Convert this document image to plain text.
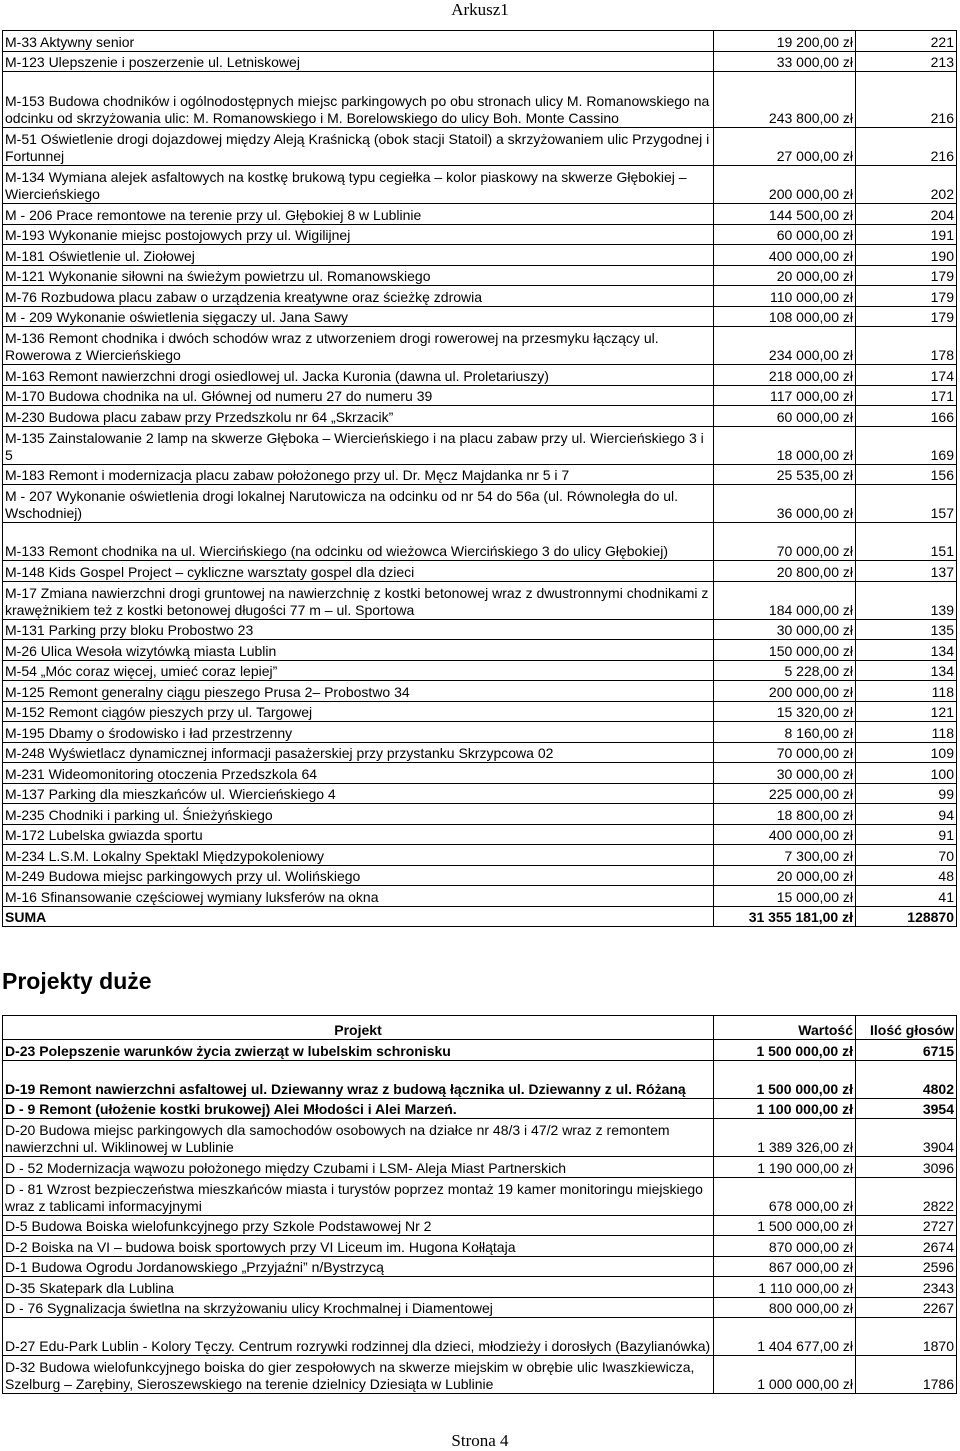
Arkusz1
M-33 Aktywny senior	19 200,00 zł	221
M-123 Ulepszenie i poszerzenie ul. Letniskowej	33 000,00 zł	213
M-153 Budowa chodników i ogólnodostępnych miejsc parkingowych po obu stronach ulicy M. Romanowskiego na odcinku od skrzyżowania ulic: M. Romanowskiego i M. Borelowskiego do ulicy Boh. Monte Cassino	243 800,00 zł	216
M-51 Oświetlenie drogi dojazdowej między Aleją Kraśnicką (obok stacji Statoil) a skrzyżowaniem ulic Przygodnej i Fortunnej	27 000,00 zł	216
M-134 Wymiana alejek asfaltowych na kostkę brukową typu cegiełka – kolor piaskowy na skwerze Głębokiej – Wiercieńskiego	200 000,00 zł	202
M - 206 Prace remontowe na terenie przy ul. Głębokiej 8 w Lublinie	144 500,00 zł	204
M-193 Wykonanie miejsc postojowych przy ul. Wigilijnej	60 000,00 zł	191
M-181 Oświetlenie ul. Ziołowej	400 000,00 zł	190
M-121 Wykonanie siłowni na świeżym powietrzu ul. Romanowskiego	20 000,00 zł	179
M-76 Rozbudowa placu zabaw o urządzenia kreatywne oraz ścieżkę zdrowia	110 000,00 zł	179
M - 209 Wykonanie oświetlenia sięgaczy ul. Jana Sawy	108 000,00 zł	179
M-136 Remont chodnika i dwóch schodów wraz z utworzeniem drogi rowerowej na przesmyku łączący ul. Rowerowa z Wiercieńskiego	234 000,00 zł	178
M-163 Remont nawierzchni drogi osiedlowej ul. Jacka Kuronia (dawna ul. Proletariuszy)	218 000,00 zł	174
M-170 Budowa chodnika na ul. Głównej od numeru 27 do numeru 39	117 000,00 zł	171
M-230 Budowa placu zabaw przy Przedszkolu nr 64 „Skrzacik”	60 000,00 zł	166
M-135 Zainstalowanie 2 lamp na skwerze Głęboka – Wiercieńskiego i na placu zabaw przy ul. Wiercieńskiego 3 i 5	18 000,00 zł	169
M-183 Remont i modernizacja placu zabaw położonego przy ul. Dr. Męcz Majdanka nr 5 i 7	25 535,00 zł	156
M - 207 Wykonanie oświetlenia drogi lokalnej Narutowicza na odcinku od nr 54 do 56a (ul. Równoległa do ul. Wschodniej)	36 000,00 zł	157
M-133 Remont chodnika na ul. Wiercińskiego (na odcinku od wieżowca Wiercińskiego 3 do ulicy Głębokiej)	70 000,00 zł	151
M-148 Kids Gospel Project – cykliczne warsztaty gospel dla dzieci	20 800,00 zł	137
M-17 Zmiana nawierzchni drogi gruntowej na nawierzchnię z kostki betonowej wraz z dwustronnymi chodnikami z krawężnikiem też z kostki betonowej długości 77 m – ul. Sportowa	184 000,00 zł	139
M-131 Parking przy bloku Probostwo 23	30 000,00 zł	135
M-26 Ulica Wesoła wizytówką miasta Lublin	150 000,00 zł	134
M-54 „Móc coraz więcej, umieć coraz lepiej”	5 228,00 zł	134
M-125 Remont generalny ciągu pieszego Prusa 2– Probostwo 34	200 000,00 zł	118
M-152 Remont ciągów pieszych przy ul. Targowej	15 320,00 zł	121
M-195 Dbamy o środowisko i ład przestrzenny	8 160,00 zł	118
M-248 Wyświetlacz dynamicznej informacji pasażerskiej przy przystanku Skrzypcowa 02	70 000,00 zł	109
M-231 Wideomonitoring otoczenia Przedszkola 64	30 000,00 zł	100
M-137 Parking dla mieszkańców ul. Wiercieńskiego 4	225 000,00 zł	99
M-235 Chodniki i parking ul. Śnieżyńskiego	18 800,00 zł	94
M-172 Lubelska gwiazda sportu	400 000,00 zł	91
M-234 L.S.M. Lokalny Spektakl Międzypokoleniowy	7 300,00 zł	70
M-249 Budowa miejsc parkingowych przy ul. Wolińskiego	20 000,00 zł	48
M-16 Sfinansowanie częściowej wymiany luksferów na okna	15 000,00 zł	41
SUMA	31 355 181,00 zł	128870
Projekty duże
Projekt	Wartość	Ilość głosów
D-23 Polepszenie warunków życia zwierząt w lubelskim schronisku	1 500 000,00 zł	6715
D-19 Remont nawierzchni asfaltowej ul. Dziewanny wraz z budową łącznika ul. Dziewanny z ul. Różaną	1 500 000,00 zł	4802
D - 9 Remont (ułożenie kostki brukowej) Alei Młodości i Alei Marzeń.	1 100 000,00 zł	3954
D-20 Budowa miejsc parkingowych dla samochodów osobowych na działce nr 48/3 i 47/2 wraz z remontem nawierzchni ul. Wiklinowej w Lublinie	1 389 326,00 zł	3904
D - 52 Modernizacja wąwozu położonego między Czubami i LSM- Aleja Miast Partnerskich	1 190 000,00 zł	3096
D - 81 Wzrost bezpieczeństwa mieszkańców miasta i turystów poprzez montaż 19 kamer monitoringu miejskiego wraz z tablicami informacyjnymi	678 000,00 zł	2822
D-5 Budowa Boiska wielofunkcyjnego przy Szkole Podstawowej Nr 2	1 500 000,00 zł	2727
D-2 Boiska na VI – budowa boisk sportowych przy VI Liceum im. Hugona Kołłątaja	870 000,00 zł	2674
D-1 Budowa Ogrodu Jordanowskiego „Przyjaźni” n/Bystrzycą	867 000,00 zł	2596
D-35 Skatepark dla Lublina	1 110 000,00 zł	2343
D - 76 Sygnalizacja świetlna na skrzyżowaniu ulicy Krochmalnej i Diamentowej	800 000,00 zł	2267
D-27 Edu-Park Lublin - Kolory Tęczy. Centrum rozrywki rodzinnej dla dzieci, młodzieży i dorosłych (Bazylianówka)	1 404 677,00 zł	1870
D-32 Budowa wielofunkcyjnego boiska do gier zespołowych na skwerze miejskim w obrębie ulic Iwaszkiewicza, Szelburg – Zarębiny, Sieroszewskiego na terenie dzielnicy Dziesiąta w Lublinie	1 000 000,00 zł	1786
Strona 4
